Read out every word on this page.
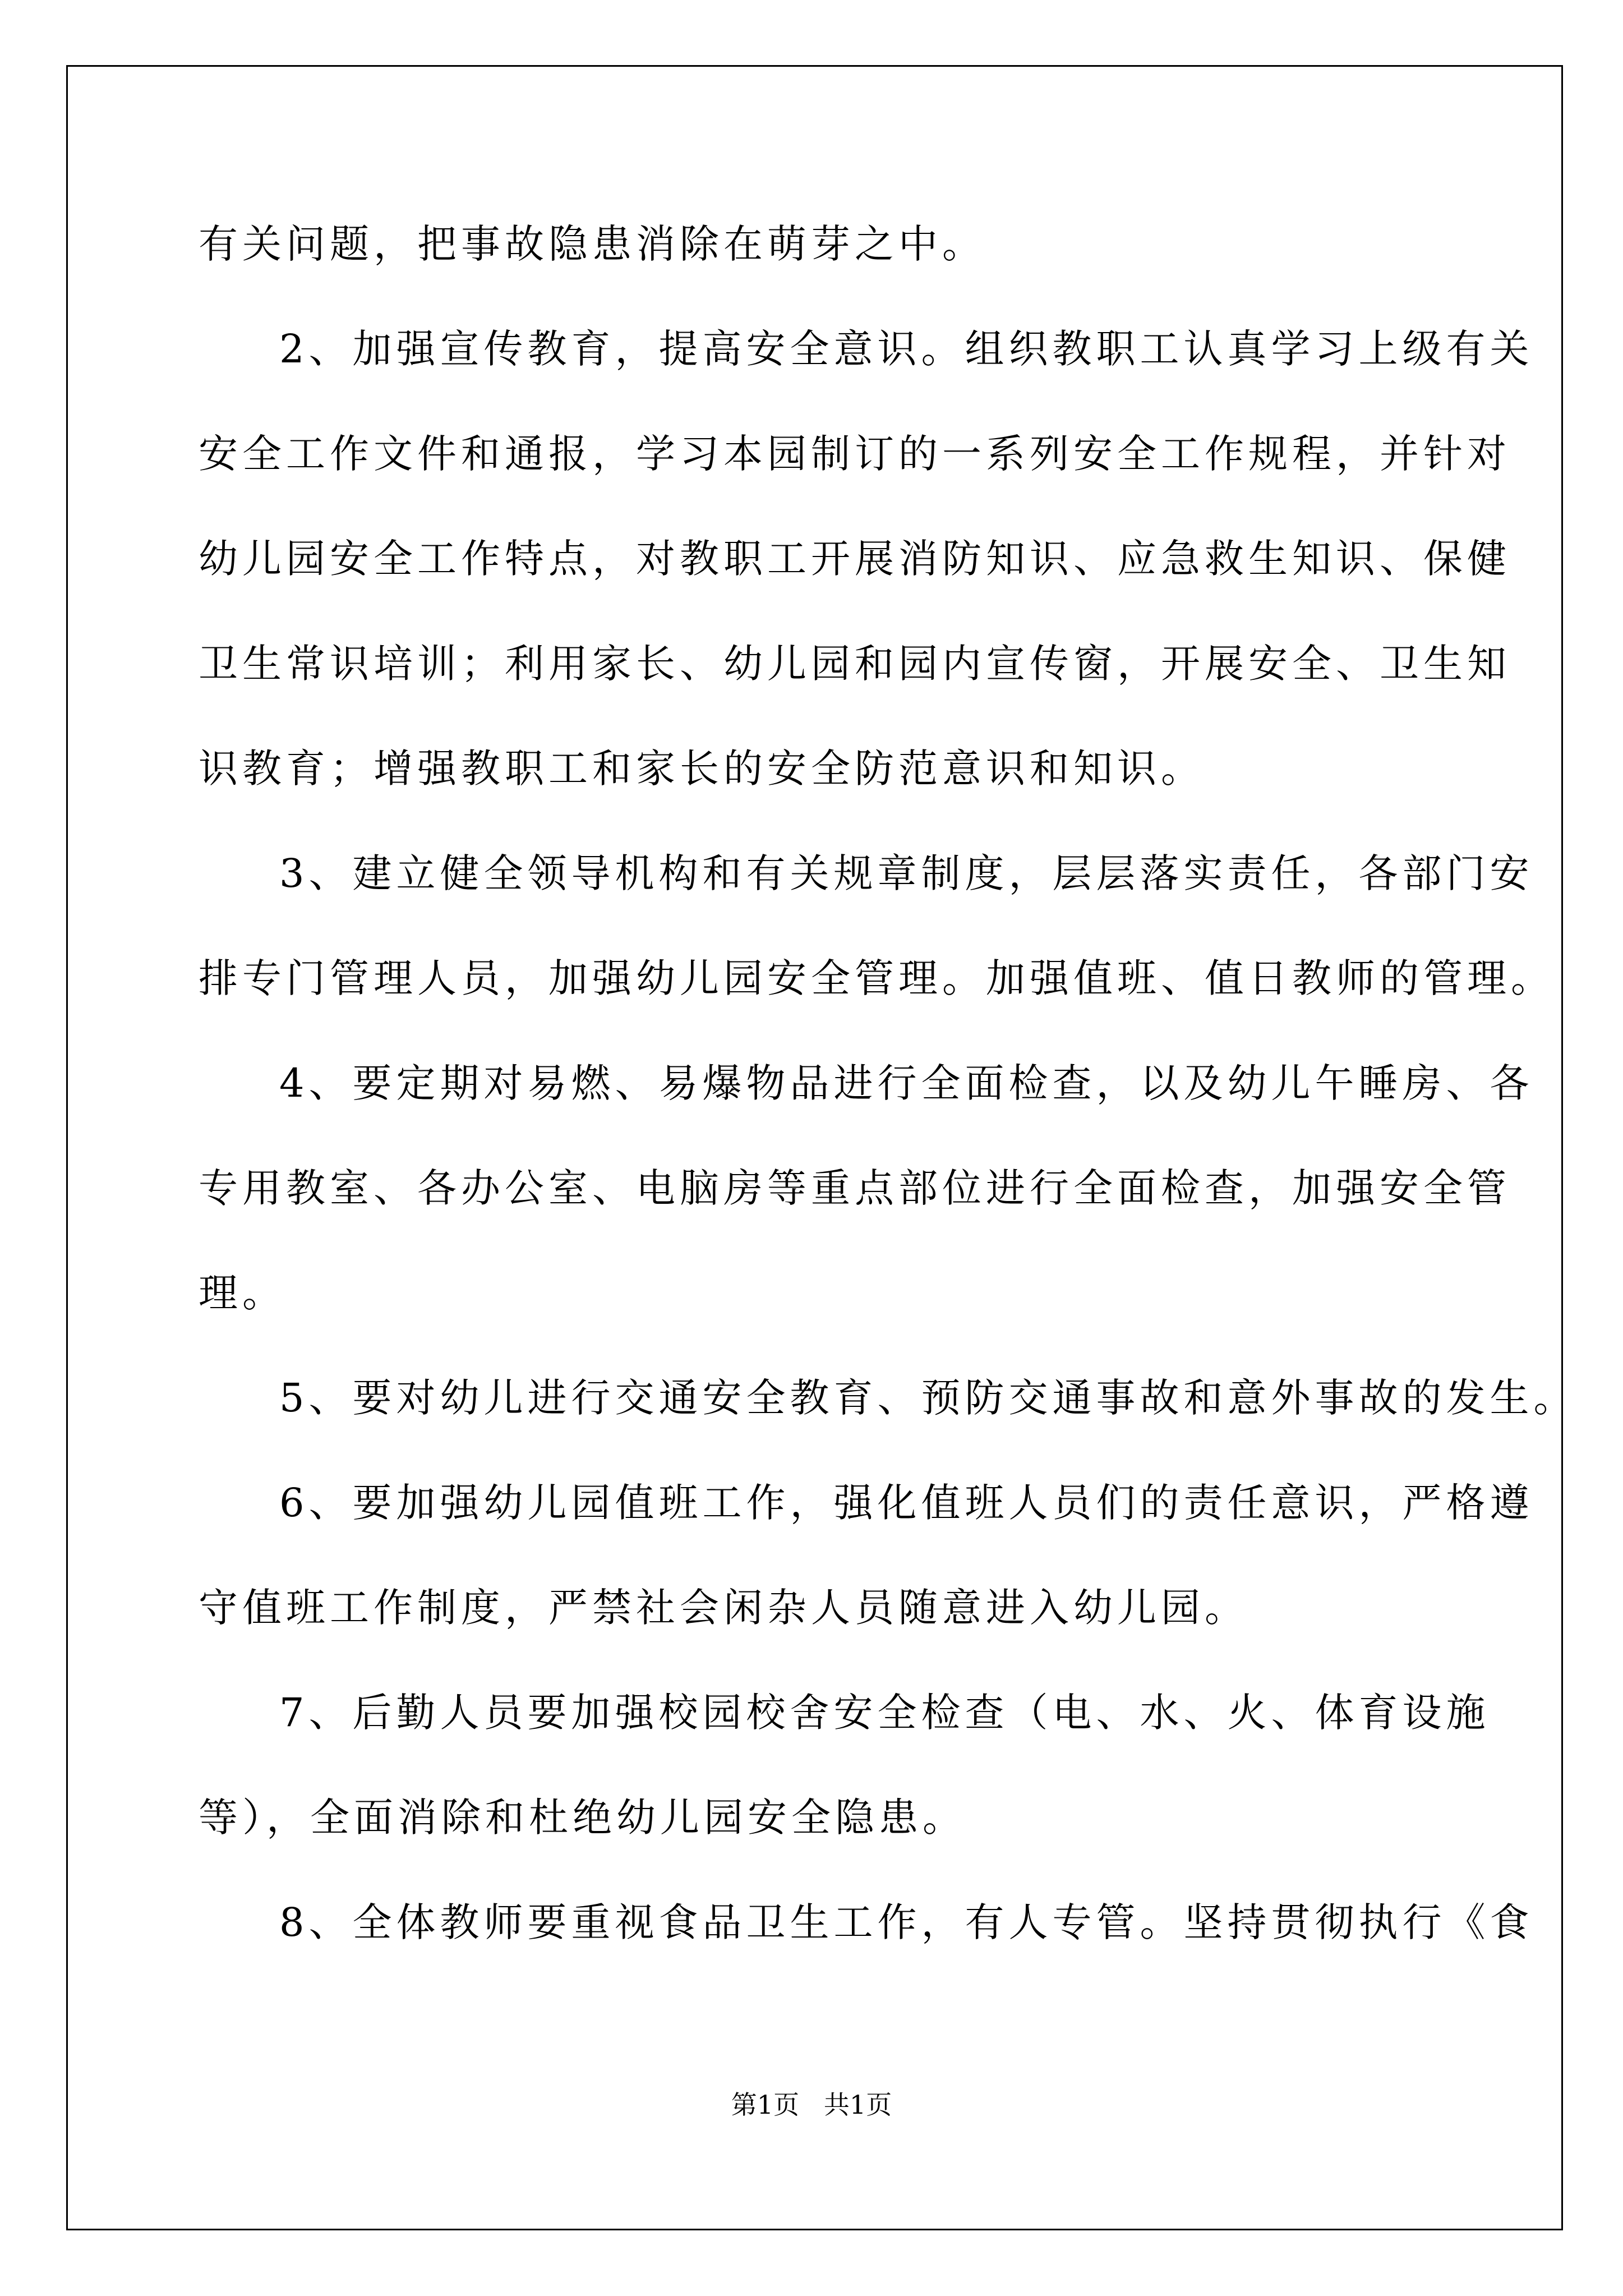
有关问题，把事故隐患消除在萌芽之中。
2、加强宣传教育，提高安全意识。组织教职工认真学习上级有关
安全工作文件和通报，学习本园制订的一系列安全工作规程，并针对
幼儿园安全工作特点，对教职工开展消防知识、应急救生知识、保健
卫生常识培训；利用家长、幼儿园和园内宣传窗，开展安全、卫生知
识教育；增强教职工和家长的安全防范意识和知识。
3、建立健全领导机构和有关规章制度，层层落实责任，各部门安
排专门管理人员，加强幼儿园安全管理。加强值班、值日教师的管理。
4、要定期对易燃、易爆物品进行全面检查，以及幼儿午睡房、各
专用教室、各办公室、电脑房等重点部位进行全面检查，加强安全管
理。
5、要对幼儿进行交通安全教育、预防交通事故和意外事故的发生。
6、要加强幼儿园值班工作，强化值班人员们的责任意识，严格遵
守值班工作制度，严禁社会闲杂人员随意进入幼儿园。
7、后勤人员要加强校园校舍安全检查（电、水、火、体育设施
等），全面消除和杜绝幼儿园安全隐患。
8、全体教师要重视食品卫生工作，有人专管。坚持贯彻执行《食
第1页   共1页
